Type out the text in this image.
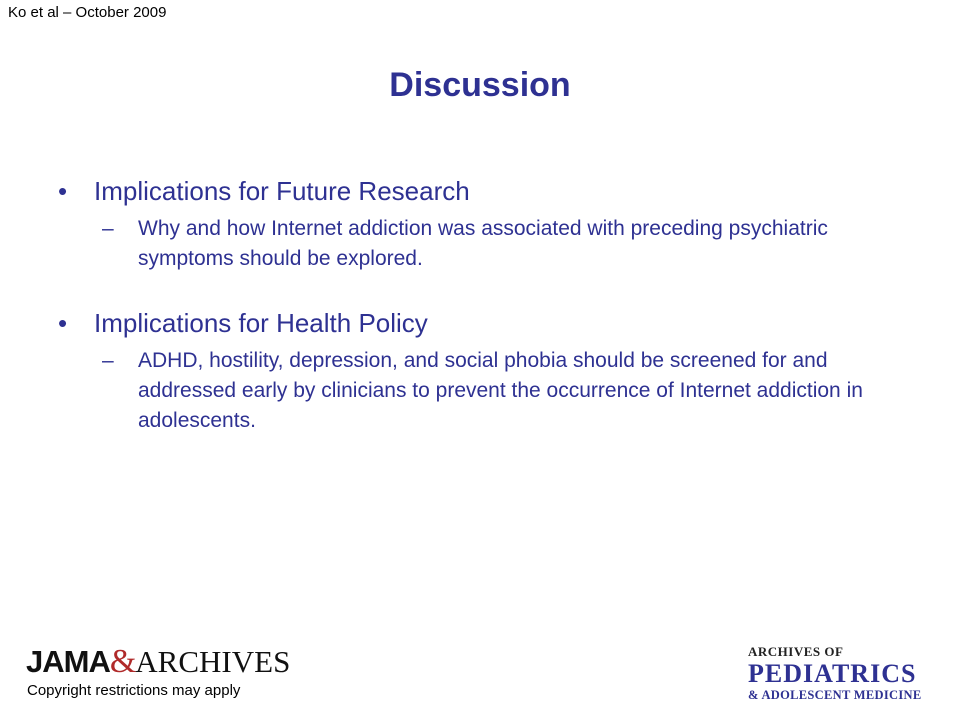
Ko et al – October 2009
Discussion
•	Implications for Future Research
–	Why and how Internet addiction was associated with preceding psychiatric symptoms should be explored.
•	Implications for Health Policy
–	ADHD, hostility, depression, and social phobia should be screened for and addressed early by clinicians to prevent the occurrence of Internet addiction in adolescents.
JAMA&ARCHIVES
Copyright restrictions may apply
ARCHIVES OF
PEDIATRICS
& ADOLESCENT MEDICINE
